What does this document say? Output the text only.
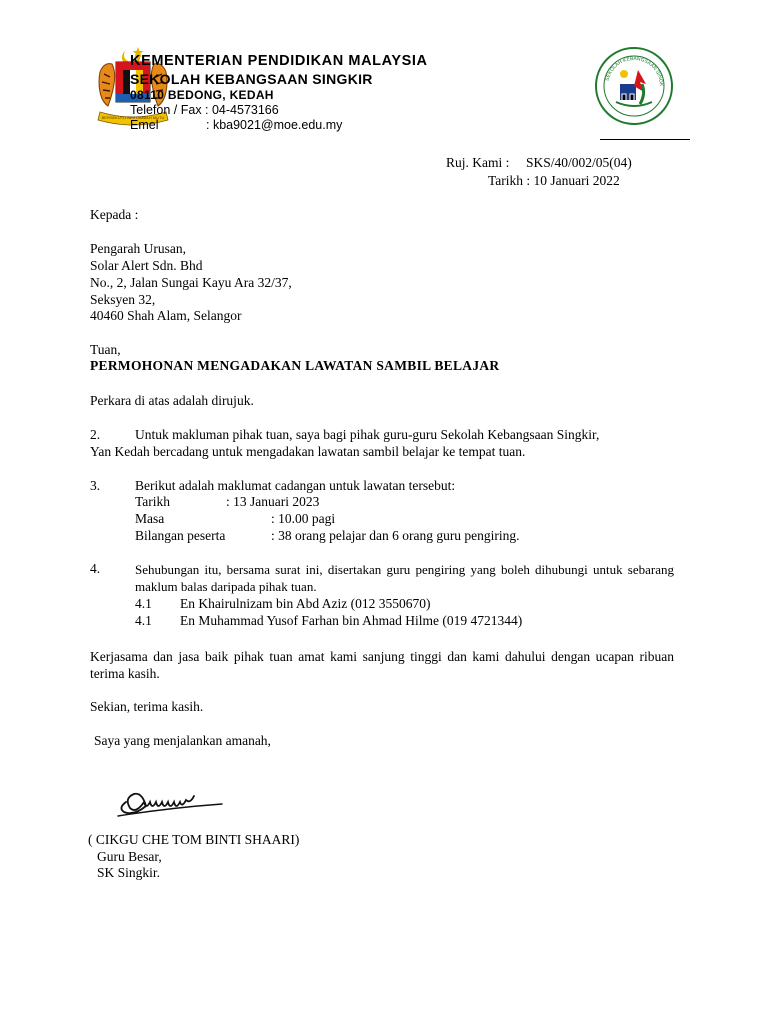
BERSEKUTU BERTAMBAH MUTU
KEMENTERIAN PENDIDIKAN MALAYSIA
SEKOLAH KEBANGSAAN SINGKIR
08110 BEDONG, KEDAH
Telefon / Fax : 04-4573166
Emel	: kba9021@moe.edu.my
SEKOLAH KEBANGSAAN SINGK
Ruj. Kami : SKS/40/002/05(04)
Tarikh : 10 Januari 2022
Kepada :
Pengarah Urusan,
Solar Alert Sdn. Bhd
No., 2, Jalan Sungai Kayu Ara 32/37,
Seksyen 32,
40460 Shah Alam, Selangor
Tuan,
PERMOHONAN MENGADAKAN LAWATAN SAMBIL BELAJAR
Perkara di atas adalah dirujuk.
2.	Untuk makluman pihak tuan, saya bagi pihak guru-guru Sekolah Kebangsaan Singkir,
Yan Kedah bercadang untuk mengadakan lawatan sambil belajar ke tempat tuan.
3.	Berikut adalah maklumat cadangan untuk lawatan tersebut:
Tarikh	: 13 Januari 2023
Masa	: 10.00 pagi
Bilangan peserta	: 38 orang pelajar dan 6 orang guru pengiring.
4.	Sehubungan itu, bersama surat ini, disertakan guru pengiring yang boleh dihubungi untuk sebarang maklum balas daripada pihak tuan.
4.1 En Khairulnizam bin Abd Aziz (012 3550670)
4.1 En Muhammad Yusof Farhan bin Ahmad Hilme (019 4721344)
Kerjasama dan jasa baik pihak tuan amat kami sanjung tinggi dan kami dahului dengan ucapan ribuan terima kasih.
Sekian, terima kasih.
Saya yang menjalankan amanah,
( CIKGU CHE TOM BINTI SHAARI)
Guru Besar,
SK Singkir.
